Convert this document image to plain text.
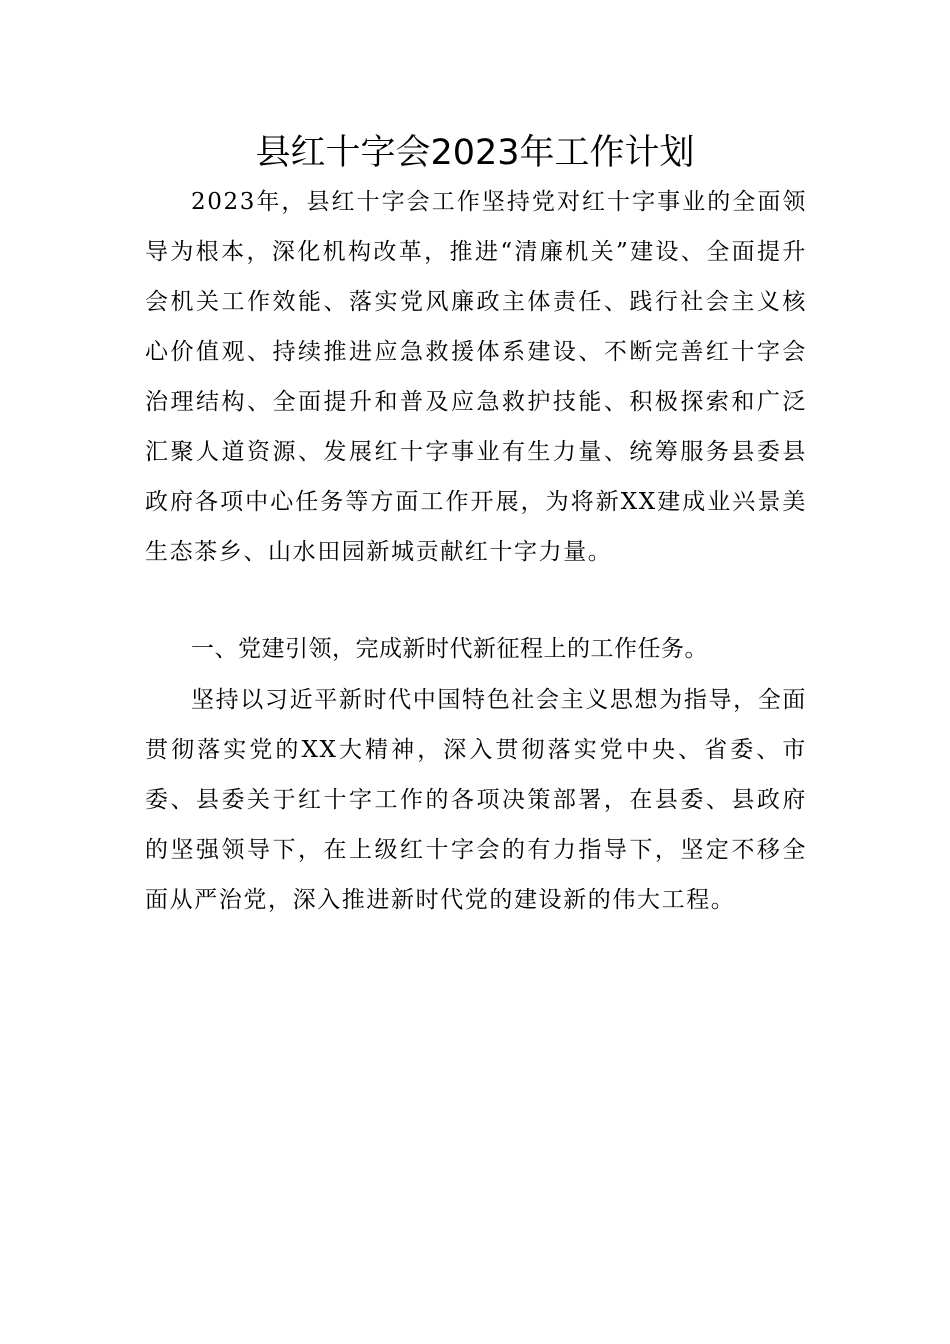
县红十字会2023年工作计划

2023年，县红十字会工作坚持党对红十字事业的全面领导为根本，深化机构改革，推进“清廉机关”建设、全面提升会机关工作效能、落实党风廉政主体责任、践行社会主义核心价值观、持续推进应急救援体系建设、不断完善红十字会治理结构、全面提升和普及应急救护技能、积极探索和广泛汇聚人道资源、发展红十字事业有生力量、统筹服务县委县政府各项中心任务等方面工作开展，为将新XX建成业兴景美生态茶乡、山水田园新城贡献红十字力量。

一、党建引领，完成新时代新征程上的工作任务。

坚持以习近平新时代中国特色社会主义思想为指导，全面贯彻落实党的XX大精神，深入贯彻落实党中央、省委、市委、县委关于红十字工作的各项决策部署，在县委、县政府的坚强领导下，在上级红十字会的有力指导下，坚定不移全面从严治党，深入推进新时代党的建设新的伟大工程。
